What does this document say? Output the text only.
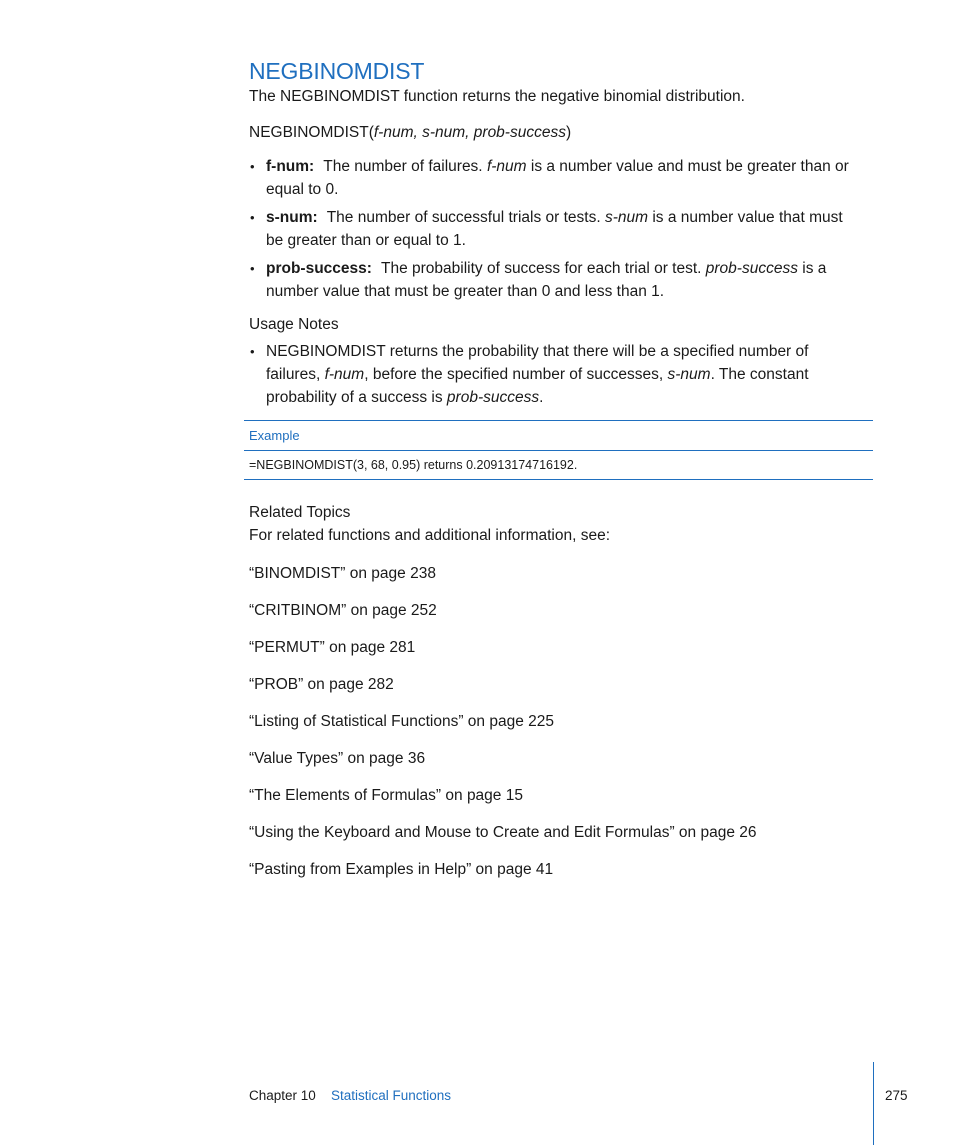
NEGBINOMDIST
The NEGBINOMDIST function returns the negative binomial distribution.
NEGBINOMDIST(f-num, s-num, prob-success)
• f-num: The number of failures. f-num is a number value and must be greater than or equal to 0.
• s-num: The number of successful trials or tests. s-num is a number value that must be greater than or equal to 1.
• prob-success: The probability of success for each trial or test. prob-success is a number value that must be greater than 0 and less than 1.
Usage Notes
• NEGBINOMDIST returns the probability that there will be a specified number of failures, f-num, before the specified number of successes, s-num. The constant probability of a success is prob-success.
Example
=NEGBINOMDIST(3, 68, 0.95) returns 0.20913174716192.
Related Topics
For related functions and additional information, see:
“BINOMDIST” on page 238
“CRITBINOM” on page 252
“PERMUT” on page 281
“PROB” on page 282
“Listing of Statistical Functions” on page 225
“Value Types” on page 36
“The Elements of Formulas” on page 15
“Using the Keyboard and Mouse to Create and Edit Formulas” on page 26
“Pasting from Examples in Help” on page 41
Chapter 10 Statistical Functions	275
